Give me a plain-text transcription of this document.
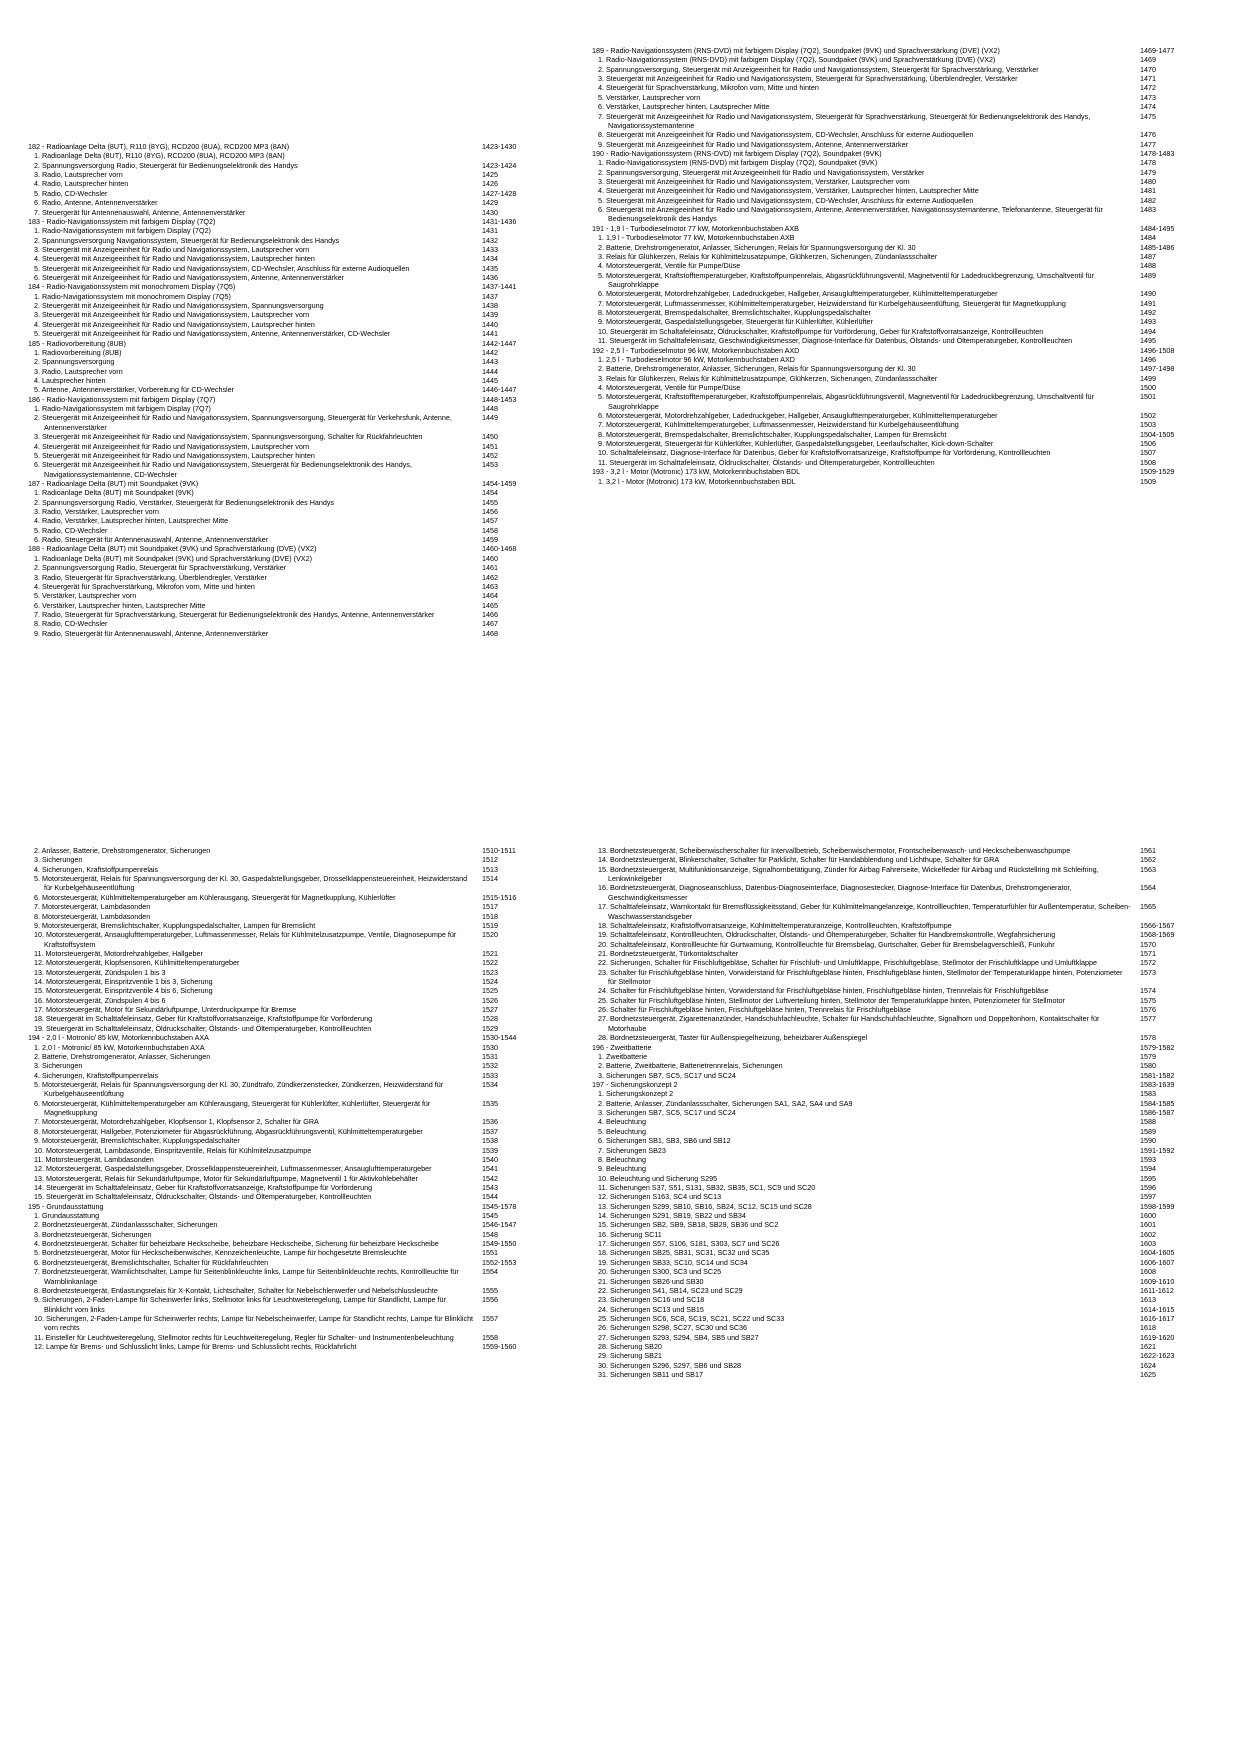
182 - Radioanlage Delta (8UT), R110 (8YG), RCD200 (8UA), RCD200 MP3 (8AN)	1423-1430
1. Radioanlage Delta (8UT), R110 (8YG), RCD200 (8UA), RCD200 MP3 (8AN)
2. Spannungsversorgung Radio, Steuergerät für Bedienungselektronik des Handys	1423-1424
3. Radio, Lautsprecher vorn	1425
4. Radio, Lautsprecher hinten	1426
5. Radio, CD-Wechsler	1427-1428
6. Radio, Antenne, Antennenverstärker	1429
7. Steuergerät für Antennenauswahl, Antenne, Antennenverstärker	1430
183 - Radio-Navigationssystem mit farbigem Display (7Q2)	1431-1436
1. Radio-Navigationssystem mit farbigem Display (7Q2)	1431
2. Spannungsversorgung Navigationssystem, Steuergerät für Bedienungselektronik des Handys	1432
3. Steuergerät mit Anzeigeeinheit für Radio und Navigationssystem, Lautsprecher vorn	1433
4. Steuergerät mit Anzeigeeinheit für Radio und Navigationssystem, Lautsprecher hinten	1434
5. Steuergerät mit Anzeigeeinheit für Radio und Navigationssystem, CD-Wechsler, Anschluss für externe Audioquellen	1435
6. Steuergerät mit Anzeigeeinheit für Radio und Navigationssystem, Antenne, Antennenverstärker	1436
184 - Radio-Navigationssystem mit monochromem Display (7Q5)	1437-1441
1. Radio-Navigationssystem mit monochromem Display (7Q5)	1437
2. Steuergerät mit Anzeigeeinheit für Radio und Navigationssystem, Spannungsversorgung	1438
3. Steuergerät mit Anzeigeeinheit für Radio und Navigationssystem, Lautsprecher vorn	1439
4. Steuergerät mit Anzeigeeinheit für Radio und Navigationssystem, Lautsprecher hinten	1440
5. Steuergerät mit Anzeigeeinheit für Radio und Navigationssystem, Antenne, Antennenverstärker, CD-Wechsler	1441
185 - Radiovorbereitung (8UB)	1442-1447
1. Radiovorbereitung (8UB)	1442
2. Spannungsversorgung	1443
3. Radio, Lautsprecher vorn	1444
4. Lautsprecher hinten	1445
5. Antenne, Antennenverstärker, Vorbereitung für CD-Wechsler	1446-1447
186 - Radio-Navigationssystem mit farbigem Display (7Q7)	1448-1453
1. Radio-Navigationssystem mit farbigem Display (7Q7)	1448
2. Steuergerät mit Anzeigeeinheit für Radio und Navigationssystem, Spannungsversorgung, Steuergerät für Verkehrsfunk, Antenne, Antennenverstärker
1449
3. Steuergerät mit Anzeigeeinheit für Radio und Navigationssystem, Spannungsversorgung, Schalter für Rückfahrleuchten	1450
4. Steuergerät mit Anzeigeeinheit für Radio und Navigationssystem, Lautsprecher vorn	1451
5. Steuergerät mit Anzeigeeinheit für Radio und Navigationssystem, Lautsprecher hinten	1452
6. Steuergerät mit Anzeigeeinheit für Radio und Navigationssystem, Steuergerät für Bedienungselektronik des Handys, Navigationssystemantenne, CD-Wechsler
1453
187 - Radioanlage Delta (8UT) mit Soundpaket (9VK)	1454-1459
1. Radioanlage Delta (8UT) mit Soundpaket (9VK)	1454
2. Spannungsversorgung Radio, Verstärker, Steuergerät für Bedienungselektronik des Handys	1455
3. Radio, Verstärker, Lautsprecher vorn	1456
4. Radio, Verstärker, Lautsprecher hinten, Lautsprecher Mitte	1457
5. Radio, CD-Wechsler	1458
6. Radio, Steuergerät für Antennenauswahl, Antenne, Antennenverstärker	1459
188 - Radioanlage Delta (8UT) mit Soundpaket (9VK) und Sprachverstärkung (DVE) (VX2)	1460-1468
1. Radioanlage Delta (8UT) mit Soundpaket (9VK) und Sprachverstärkung (DVE) (VX2)	1460
2. Spannungsversorgung Radio, Steuergerät für Sprachverstärkung, Verstärker	1461
3. Radio, Steuergerät für Sprachverstärkung, Überblendregler, Verstärker	1462
4. Steuergerät für Sprachverstärkung, Mikrofon vorn, Mitte und hinten	1463
5. Verstärker, Lautsprecher vorn	1464
6. Verstärker, Lautsprecher hinten, Lautsprecher Mitte	1465
7. Radio, Steuergerät für Sprachverstärkung, Steuergerät für Bedienungselektronik des Handys, Antenne, Antennenverstärker	1466
8. Radio, CD-Wechsler	1467
9. Radio, Steuergerät für Antennenauswahl, Antenne, Antennenverstärker	1468
189 - Radio-Navigationssystem (RNS-DVD) mit farbigem Display (7Q2), Soundpaket (9VK) und Sprachverstärkung (DVE) (VX2)	1469-1477
1. Radio-Navigationssystem (RNS-DVD) mit farbigem Display (7Q2), Soundpaket (9VK) und Sprachverstärkung (DVE) (VX2)	1469
2. Spannungsversorgung, Steuergerät mit Anzeigeeinheit für Radio und Navigationssystem, Steuergerät für Sprachverstärkung, Verstärker	1470
3. Steuergerät mit Anzeigeeinheit für Radio und Navigationssystem, Steuergerät für Sprachverstärkung, Überblendregler, Verstärker	1471
4. Steuergerät für Sprachverstärkung, Mikrofon vorn, Mitte und hinten	1472
5. Verstärker, Lautsprecher vorn	1473
6. Verstärker, Lautsprecher hinten, Lautsprecher Mitte	1474
7. Steuergerät mit Anzeigeeinheit für Radio und Navigationssystem, Steuergerät für Sprachverstärkung, Steuergerät für Bedienungselektronik des Handys, Navigationssystemantenne
1475
8. Steuergerät mit Anzeigeeinheit für Radio und Navigationssystem, CD-Wechsler, Anschluss für externe Audioquellen	1476
9. Steuergerät mit Anzeigeeinheit für Radio und Navigationssystem, Antenne, Antennenverstärker	1477
190 - Radio-Navigationssystem (RNS-DVD) mit farbigem Display (7Q2), Soundpaket (9VK)	1478-1483
1. Radio-Navigationssystem (RNS-DVD) mit farbigem Display (7Q2), Soundpaket (9VK)	1478
2. Spannungsversorgung, Steuergerät mit Anzeigeeinheit für Radio und Navigationssystem, Verstärker	1479
3. Steuergerät mit Anzeigeeinheit für Radio und Navigationssystem, Verstärker, Lautsprecher vorn	1480
4. Steuergerät mit Anzeigeeinheit für Radio und Navigationssystem, Verstärker, Lautsprecher hinten, Lautsprecher Mitte	1481
5. Steuergerät mit Anzeigeeinheit für Radio und Navigationssystem, CD-Wechsler, Anschluss für externe Audioquellen	1482
6. Steuergerät mit Anzeigeeinheit für Radio und Navigationssystem, Antenne, Antennenverstärker, Navigationssystemantenne, Telefonantenne, Steuergerät für Bedienungselektronik des Handys
1483
191 - 1,9 l - Turbodieselmotor 77 kW, Motorkennbuchstaben AXB	1484-1495
1. 1,9 l - Turbodieselmotor 77 kW, Motorkennbuchstaben AXB	1484
2. Batterie, Drehstromgenerator, Anlasser, Sicherungen, Relais für Spannungsversorgung der Kl. 30	1485-1486
3. Relais für Glühkerzen, Relais für Kühlmittelzusatzpumpe, Glühkerzen, Sicherungen, Zündanlassschalter	1487
4. Motorsteuergerät, Ventile für Pumpe/Düse	1488
5. Motorsteuergerät, Kraftstofftemperaturgeber, Kraftstoffpumpenrelais, Abgasrückführungsventil, Magnetventil für Ladedruckbegrenzung, Umschaltventil für Saugrohrklappe
1489
6. Motorsteuergerät, Motordrehzahlgeber, Ladedruckgeber, Hallgeber, Ansauglufttemperaturgeber, Kühlmitteltemperaturgeber	1490
7. Motorsteuergerät, Luftmassenmesser, Kühlmitteltemperaturgeber, Heizwiderstand für Kurbelgehäuseentlüftung, Steuergerät für Magnetkupplung	1491
8. Motorsteuergerät, Bremspedalschalter, Bremslichtschalter, Kupplungspedalschalter	1492
9. Motorsteuergerät, Gaspedalstellungsgeber, Steuergerät für Kühlerlüfter, Kühlerlüfter	1493
10. Steuergerät im Schaltafeleinsatz, Öldruckschalter, Kraftstoffpumpe für Vorförderung, Geber für Kraftstoffvorratsanzeige, Kontrollleuchten	1494
11. Steuergerät im Schalttafeleinsatz, Geschwindigkeitsmesser, Diagnose-Interface für Datenbus, Ölstands- und Öltemperaturgeber, Kontrollleuchten	1495
192 - 2,5 l - Turbodieselmotor 96 kW, Motorkennbuchstaben AXD	1496-1508
1. 2,5 l - Turbodieselmotor 96 kW, Motorkennbuchstaben AXD	1496
2. Batterie, Drehstromgenerator, Anlasser, Sicherungen, Relais für Spannungsversorgung der Kl. 30	1497-1498
3. Relais für Glühkerzen, Relais für Kühlmittelzusatzpumpe, Glühkerzen, Sicherungen, Zündanlassschalter	1499
4. Motorsteuergerät, Ventile für Pumpe/Düse	1500
5. Motorsteuergerät, Kraftstofftemperaturgeber, Kraftstoffpumpenrelais, Abgasrückführungsventil, Magnetventil für Ladedruckbegrenzung, Umschaltventil für Saugrohrklappe
1501
6. Motorsteuergerät, Motordrehzahlgeber, Ladedruckgeber, Hallgeber, Ansauglufttemperaturgeber, Kühlmitteltemperaturgeber	1502
7. Motorsteuergerät, Kühlmitteltemperaturgeber, Luftmassenmesser, Heizwiderstand für Kurbelgehäuseentlüftung	1503
8. Motorsteuergerät, Bremspedalschalter, Bremslichtschalter, Kupplungspedalschalter, Lampen für Bremslicht	1504-1505
9. Motorsteuergerät, Steuergerät für Kühlerlüfter, Kühlerlüfter, Gaspedalstellungsgeber, Leerlaufschalter, Kick-down-Schalter	1506
10. Schalttafeleinsatz, Diagnose-Interface für Datenbus, Geber für Kraftstoffvorratsanzeige, Kraftstoffpumpe für Vorförderung, Kontrollleuchten	1507
11. Steuergerät im Schalttafeleinsatz, Öldruckschalter, Ölstands- und Öltemperaturgeber, Kontrollleuchten	1508
193 - 3,2 l - Motor (Motronic) 173 kW, Motorkennbuchstaben BDL	1509-1529
1. 3,2 l - Motor (Motronic) 173 kW, Motorkennbuchstaben BDL	1509
2. Anlasser, Batterie, Drehstromgenerator, Sicherungen	1510-1511
3. Sicherungen	1512
4. Sicherungen, Kraftstoffpumpenrelais	1513
5. Motorsteuergerät, Relais für Spannungsversorgung der Kl. 30, Gaspedalstellungsgeber, Drosselklappensteuereinheit, Heizwiderstand für Kurbelgehäuseentlüftung
1514
6. Motorsteuergerät, Kühlmitteltemperaturgeber am Kühlerausgang, Steuergerät für Magnetkupplung, Kühlerlüfter	1515-1516
7. Motorsteuergerät, Lambdasonden	1517
8. Motorsteuergerät, Lambdasonden	1518
9. Motorsteuergerät, Bremslichtschalter, Kupplungspedalschalter, Lampen für Bremslicht	1519
10. Motorsteuergerät, Ansauglufttemperaturgeber, Luftmassenmesser, Relais für Kühlmitelzusatzpumpe, Ventile, Diagnosepumpe für Kraftstoffsystem
1520
11. Motorsteuergerät, Motordrehzahlgeber, Hallgeber	1521
12. Motorsteuergerät, Klopfsensoren, Kühlmitteltemperaturgeber	1522
13. Motorsteuergerät, Zündspulen 1 bis 3	1523
14. Motorsteuergerät, Einspritzventile 1 bis 3, Sicherung	1524
15. Motorsteuergerät, Einspritzventile 4 bis 6, Sicherung	1525
16. Motorsteuergerät, Zündspulen 4 bis 6	1526
17. Motorsteuergerät, Motor für Sekundärluftpumpe, Unterdruckpumpe für Bremse	1527
18. Steuergerät im Schalttafeleinsatz, Geber für Kraftstoffvorratsanzeige, Kraftstoffpumpe für Vorförderung	1528
19. Steuergerät im Schalttafeleinsatz, Öldruckschalter, Ölstands- und Öltemperaturgeber, Kontrollleuchten	1529
194 - 2,0 l - Motronic/ 85 kW, Motorkennbuchstaben AXA	1530-1544
1. 2,0 l - Motronic/ 85 kW, Motorkennbuchstaben AXA	1530
2. Batterie, Drehstromgenerator, Anlasser, Sicherungen	1531
3. Sicherungen	1532
4. Sicherungen, Kraftstoffpumpenrelais	1533
5. Motorsteuergerät, Relais für Spannungsversorgung der Kl. 30, Zündtrafo, Zündkerzenstecker, Zündkerzen, Heizwiderstand für Kurbelgehäuseentlüftung
1534
6. Motorsteuergerät, Kühlmitteltemperaturgeber am Kühlerausgang, Steuergerät für Kühlerlüfter, Kühlerlüfter, Steuergerät für Magnetkupplung
1535
7. Motorsteuergerät, Motordrehzahlgeber, Klopfsensor 1, Klopfsensor 2, Schalter für GRA	1536
8. Motorsteuergerät, Hallgeber, Potenziometer für Abgasrückführung, Abgasrückführungsventil, Kühlmitteltemperaturgeber	1537
9. Motorsteuergerät, Bremslichtschalter, Kupplungspedalschalter	1538
10. Motorsteuergerät, Lambdasonde, Einspritzventile, Relais für Kühlmitelzusatzpumpe	1539
11. Motorsteuergerät, Lambdasonden	1540
12. Motorsteuergerät, Gaspedalstellungsgeber, Drosselklappensteuereinheit, Luftmassenmesser, Ansauglufttemperaturgeber	1541
13. Motorsteuergerät, Relais für Sekundärluftpumpe, Motor für Sekundärluftpumpe, Magnetventil 1 für Aktivkohlebehälter	1542
14. Steuergerät im Schalttafeleinsatz, Geber für Kraftstoffvorratsanzeige, Kraftstoffpumpe für Vorförderung	1543
15. Steuergerät im Schalttafeleinsatz, Öldruckschalter, Ölstands- und Öltemperaturgeber, Kontrollleuchten	1544
195 - Grundausstattung	1545-1578
1. Grundausstattung	1545
2. Bordnetzsteuergerät, Zündanlassschalter, Sicherungen	1546-1547
3. Bordnetzsteuergerät, Sicherungen	1548
4. Bordnetzsteuergerät, Schalter für beheizbare Heckscheibe, beheizbare Heckscheibe, Sicherung für beheizbare Heckscheibe	1549-1550
5. Bordnetzsteuergerät, Motor für Heckscheibenwischer, Kennzeichenleuchte, Lampe für hochgesetzte Bremsleuchte	1551
6. Bordnetzsteuergerät, Bremslichtschalter, Schalter für Rückfahrleuchten	1552-1553
7. Bordnetzsteuergerät, Warnlichtschalter, Lampe für Seitenblinkleuchte links, Lampe für Seitenblinkleuchte rechts, Kontrollleuchte für Warnblinkanlage
1554
8. Bordnetzsteuergerät, Entlastungsrelais für X-Kontakt, Lichtschalter, Schalter für Nebelschlenwerfer und Nebelschlussleuchte	1555
9. Sicherungen, 2-Faden-Lampe für Scheinwerfer links, Stellmotor links für Leuchtweiteregelung, Lampe für Standlicht, Lampe für Blinklicht vorn links
1556
10. Sicherungen, 2-Faden-Lampe für Scheinwerfer rechts, Lampe für Nebelscheinwerfer, Lampe für Standlicht rechts, Lampe für Blinklicht vorn rechts
1557
11. Einsteller für Leuchtweiteregelung, Stellmotor rechts für Leuchtweiteregelung, Regler für Schalter- und Instrumentenbeleuchtung	1558
12. Lampe für Brems- und Schlusslicht links, Lampe für Brems- und Schlusslicht rechts, Rückfahrlicht	1559-1560
13. Bordnetzsteuergerät, Scheibenwischerschalter für Intervallbetrieb, Scheibenwischermotor, Frontscheibenwasch- und Heckscheibenwaschpumpe	1561
14. Bordnetzsteuergerät, Blinkerschalter, Schalter für Parklicht, Schalter für Handabblendung und Lichthupe, Schalter für GRA	1562
15. Bordnetzsteuergerät, Multifunktionsanzeige, Signalhornbetätigung, Zünder für Airbag Fahrerseite, Wickelfeder für Airbag und Rückstellring mit Schleifring, Lenkwinkelgeber
1563
16. Bordnetzsteuergerät, Diagnoseanschluss, Datenbus-Diagnoseinterface, Diagnosestecker, Diagnose-Interface für Datenbus, Drehstromgenerator, Geschwindigkeitsmesser
1564
17. Schalttafeleinsatz, Warnkontakt für Bremsflüssigkeitsstand, Geber für Kühlmittelmangelanzeige, Kontrollleuchten, Temperaturfühler für Außentemperatur, Scheiben-Waschwasserstandsgeber
1565
18. Schalttafeleinsatz, Kraftstoffvorratsanzeige, Kühlmitteltemperaturanzeige, Kontrollleuchten, Kraftstoffpumpe	1566-1567
19. Schalttafeleinsatz, Kontrollleuchten, Öldruckschalter, Ölstands- und Öltemperaturgeber, Schalter für Handbremskontrolle, Wegfahrsicherung	1568-1569
20. Schalttafeleinsatz, Kontrollleuchte für Gurtwarnung, Kontrollleuchte für Bremsbelag, Gurtschalter, Geber für Bremsbelagverschleiß, Funkuhr	1570
21. Bordnetzsteuergerät, Türkontaktschalter	1571
22. Sicherungen, Schalter für Frischluftgebläse, Schalter für Frischluft- und Umluftklappe, Frischluftgebläse, Stellmotor der Frischluftklappe und Umluftklappe	1572
23. Schalter für Frischluftgebläse hinten, Vorwiderstand für Frischluftgebläse hinten, Frischluftgebläse hinten, Stellmotor der Temperaturklappe hinten, Potenziometer für Stellmotor
1573
24. Schalter für Frischluftgebläse hinten, Vorwiderstand für Frischluftgebläse hinten, Frischluftgebläse hinten, Trennrelais für Frischluftgebläse	1574
25. Schalter für Frischluftgebläse hinten, Stellmotor der Luftverteilung hinten, Stellmotor der Temperaturklappe hinten, Potenziometer für Stellmotor	1575
26. Schalter für Frischluftgebläse hinten, Frischluftgebläse hinten, Trennrelais für Frischluftgebläse	1576
27. Bordnetzsteuergerät, Zigarettenanzünder, Handschuhfachleuchte, Schalter für Handschuhfachleuchte, Signalhorn und Doppeltonhorn, Kontaktschalter für Motorhaube
1577
28. Bordnetzsteuergerät, Taster für Außenspiegelheizung, beheizbarer Außenspiegel	1578
196 - Zweitbatterie	1579-1582
1. Zweitbatterie	1579
2. Batterie, Zweitbatterie, Batterietrennrelais, Sicherungen	1580
3. Sicherungen SB7, SC5, SC17 und SC24	1581-1582
197 - Sicherungskonzept 2	1583-1639
1. Sicherungskonzept 2	1583
2. Batterie, Anlasser, Zündanlassschalter, Sicherungen SA1, SA2, SA4 und SA9	1584-1585
3. Sicherungen SB7, SC5, SC17 und SC24	1586-1587
4. Beleuchtung	1588
5. Beleuchtung	1589
6. Sicherungen SB1, SB3, SB6 und SB12	1590
7. Sicherungen SB23	1591-1592
8. Beleuchtung	1593
9. Beleuchtung	1594
10. Beleuchtung und Sicherung S295	1595
11. Sicherungen S37, S51, S131, SB32, SB35, SC1, SC9 und SC20	1596
12. Sicherungen S163, SC4 und SC13	1597
13. Sicherungen S299, SB10, SB16, SB24, SC12, SC15 und SC28	1598-1599
14. Sicherungen S291, SB19, SB22 und SB34	1600
15. Sicherungen SB2, SB9, SB18, SB29, SB36 und SC2	1601
16. Sicherung SC11	1602
17. Sicherungen S57, S106, S181, S303, SC7 und SC26	1603
18. Sicherungen SB25, SB31, SC31, SC32 und SC35	1604-1605
19. Sicherungen SB33, SC10, SC14 und SC34	1606-1607
20. Sicherungen S300, SC3 und SC25	1608
21. Sicherungen SB26 und SB30	1609-1610
22. Sicherungen S41, SB14, SC23 und SC29	1611-1612
23. Sicherungen SC16 und SC18	1613
24. Sicherungen SC13 und SB15	1614-1615
25. Sicherungen SC6, SC8, SC19, SC21, SC22 und SC33	1616-1617
26. Sicherungen S298, SC27, SC30 und SC36	1618
27. Sicherungen S293, S294, SB4, SB5 und SB27	1619-1620
28. Sicherung SB20	1621
29. Sicherung SB21	1622-1623
30. Sicherungen S296, S297, SB6 und SB28	1624
31. Sicherungen SB11 und SB17	1625
